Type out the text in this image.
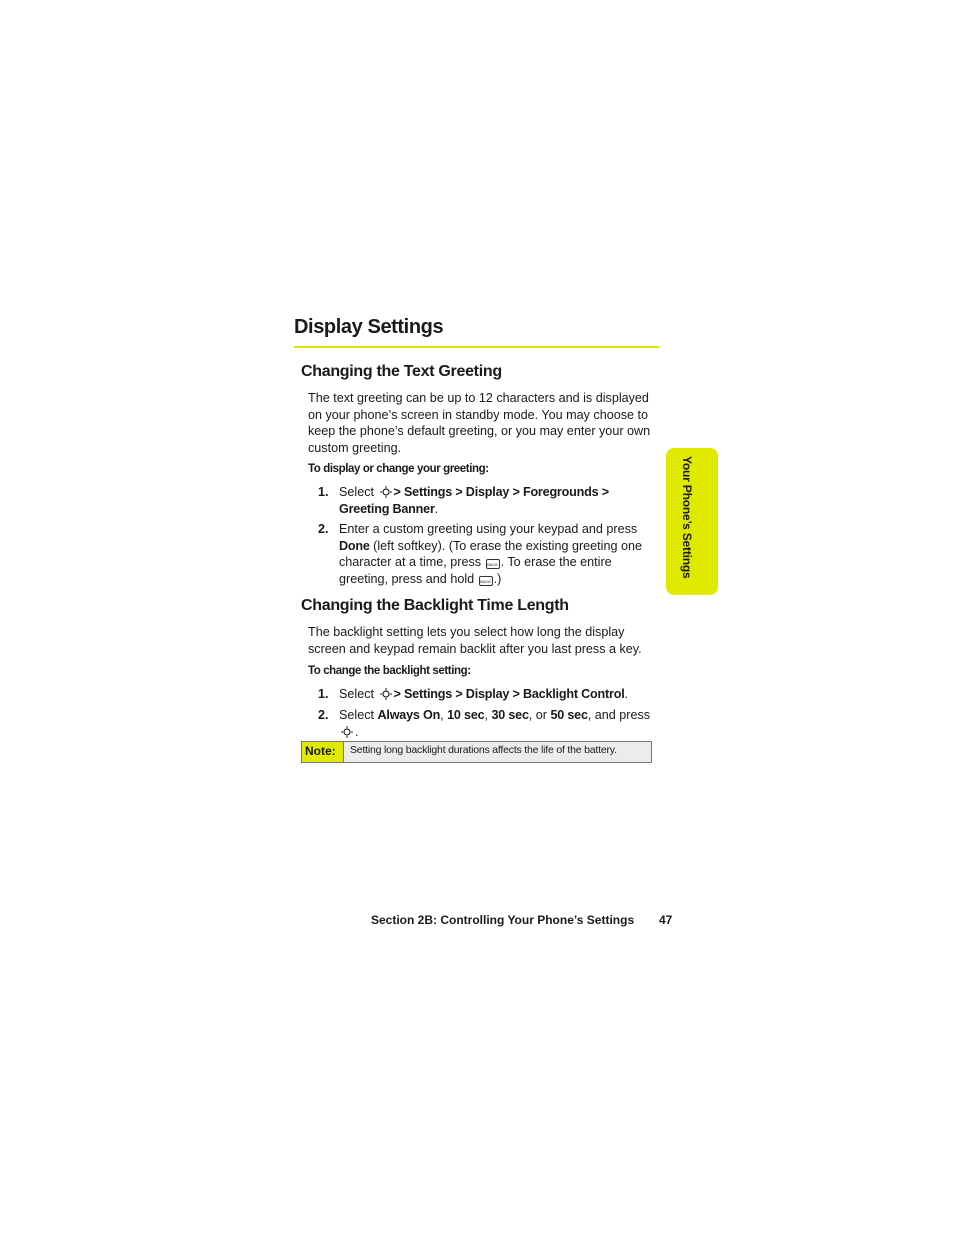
Display Settings
Your Phone’s Settings
Changing the Text Greeting
The text greeting can be up to 12 characters and is displayed
on your phone’s screen in standby mode. You may choose to
keep the phone’s default greeting, or you may enter your own
custom greeting.
To display or change your greeting:
1. Select > Settings > Display > Foregrounds >
Greeting Banner.
2. Enter a custom greeting using your keypad and press
Done (left softkey). (To erase the existing greeting one
character at a time, press BACK . To erase the entire
greeting, press and hold BACK .)
Changing the Backlight Time Length
The backlight setting lets you select how long the display
screen and keypad remain backlit after you last press a key.
To change the backlight setting:
1. Select > Settings > Display > Backlight Control.
2. Select Always On, 10 sec, 30 sec, or 50 sec, and press
.
Note:	Setting long backlight durations affects the life of the battery.
Section 2B: Controlling Your Phone’s Settings 47
